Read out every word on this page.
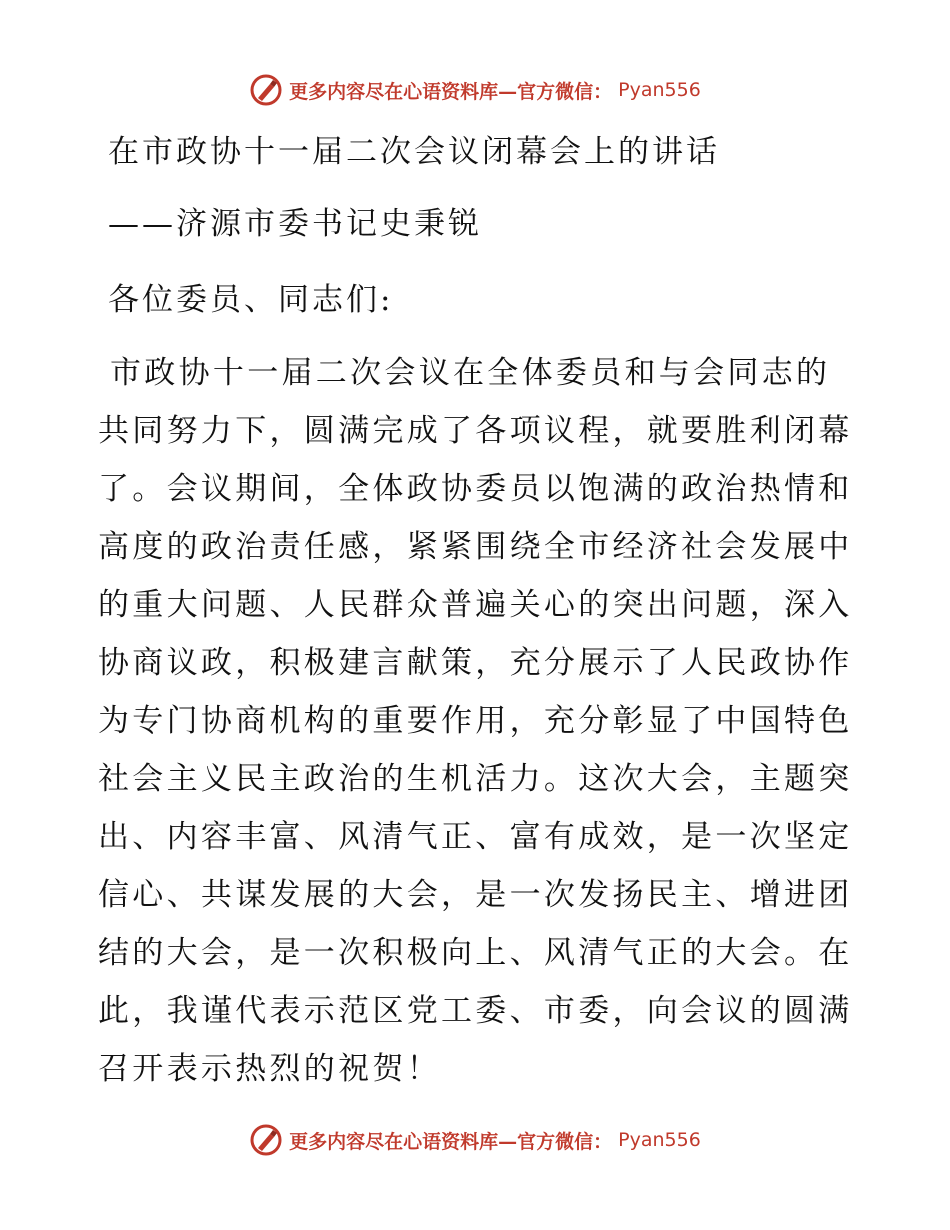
更多内容尽在心语资料库—官方微信： Pyan556
在市政协十一届二次会议闭幕会上的讲话
——济源市委书记史秉锐
各位委员、同志们:
市政协十一届二次会议在全体委员和与会同志的
共同努力下，圆满完成了各项议程，就要胜利闭幕
了。会议期间，全体政协委员以饱满的政治热情和
高度的政治责任感，紧紧围绕全市经济社会发展中
的重大问题、人民群众普遍关心的突出问题，深入
协商议政，积极建言献策，充分展示了人民政协作
为专门协商机构的重要作用，充分彰显了中国特色
社会主义民主政治的生机活力。这次大会，主题突
出、内容丰富、风清气正、富有成效，是一次坚定
信心、共谋发展的大会，是一次发扬民主、增进团
结的大会，是一次积极向上、风清气正的大会。在
此，我谨代表示范区党工委、市委，向会议的圆满
召开表示热烈的祝贺！
更多内容尽在心语资料库—官方微信： Pyan556
